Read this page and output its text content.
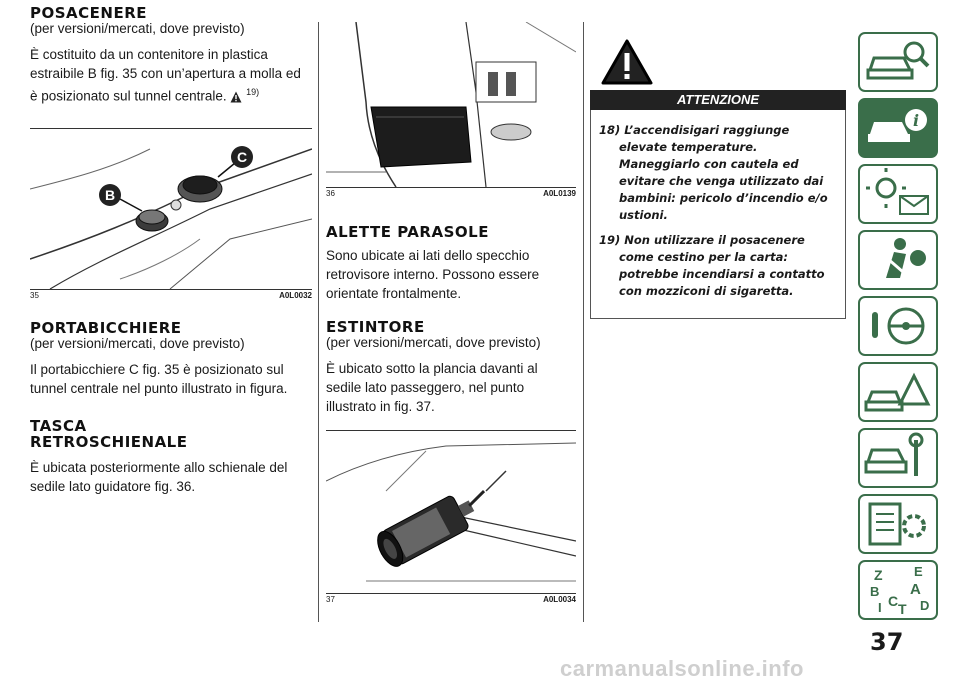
POSACENERE
(per versioni/mercati, dove previsto)

È costituito da un contenitore in plastica estraibile B fig. 35 con un’apertura a molla ed è posizionato sul tunnel centrale. $^{19)}$

B
C
35	A0L0032
PORTABICCHIERE
(per versioni/mercati, dove previsto)

Il portabicchiere C fig. 35 è posizionato sul tunnel centrale nel punto illustrato in figura.

TASCA
RETROSCHIENALE

È ubicata posteriormente allo schienale del sedile lato guidatore fig. 36.

36	A0L0139
ALETTE PARASOLE

Sono ubicate ai lati dello specchio retrovisore interno. Possono essere orientate frontalmente.

ESTINTORE
(per versioni/mercati, dove previsto)

È ubicato sotto la plancia davanti al sedile lato passeggero, nel punto illustrato in fig. 37.

37	A0L0034
ATTENZIONE

18) L’accendisigari raggiunge elevate temperature. Maneggiarlo con cautela ed evitare che venga utilizzato dai bambini: pericolo d’incendio e/o ustioni.

19) Non utilizzare il posacenere come cestino per la carta: potrebbe incendiarsi a contatto con mozziconi di sigaretta.

i
Z E
B A
I C T D
37
carmanualsonline.info
